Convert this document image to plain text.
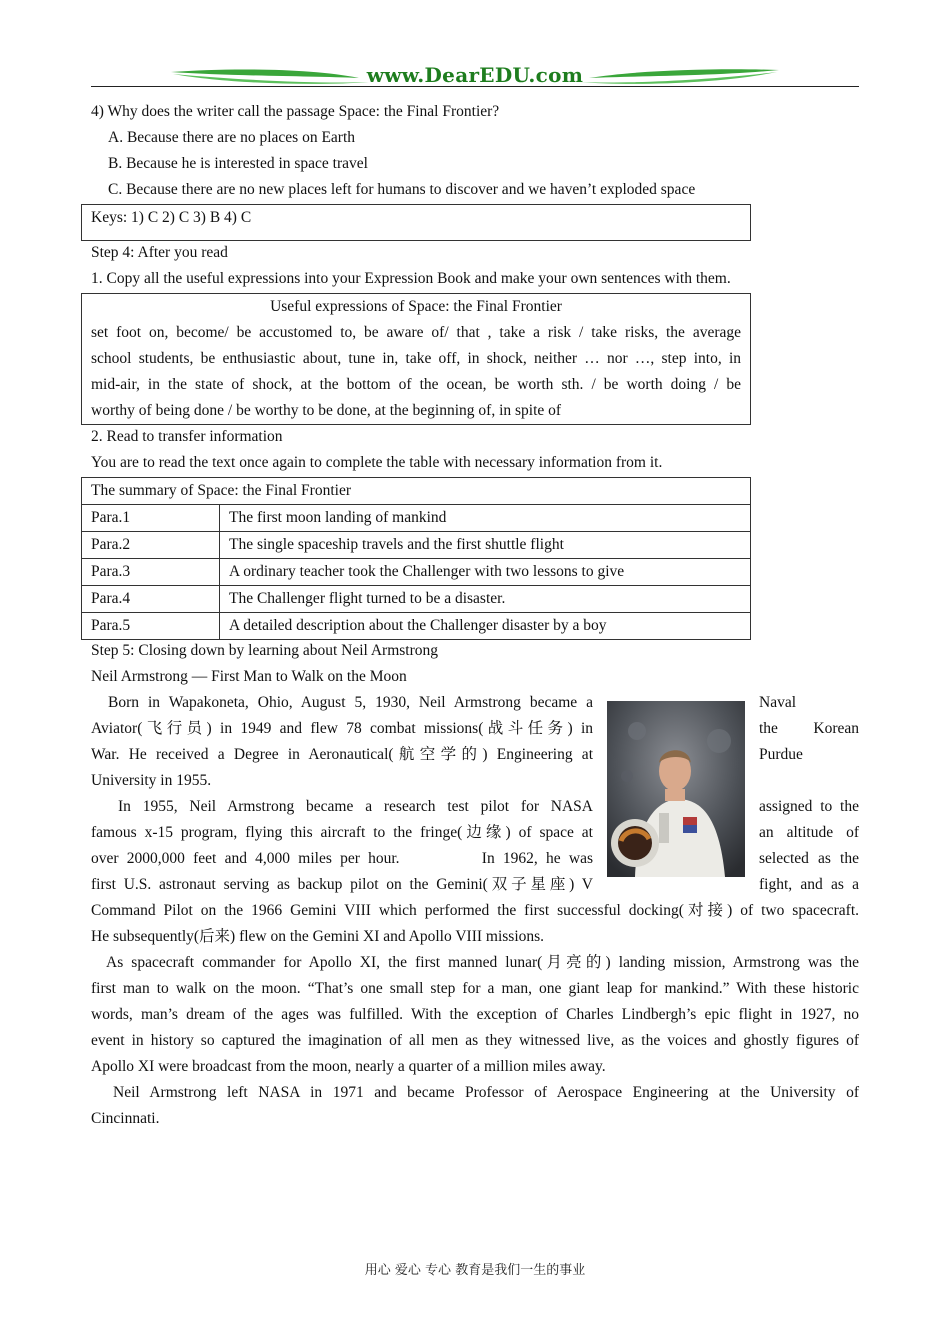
www.DearEDU.com
4) Why does the writer call the passage Space: the Final Frontier?
A. Because there are no places on Earth
B. Because he is interested in space travel
C. Because there are no new places left for humans to discover and we haven’t exploded space
Keys: 1) C 2) C 3) B 4) C
Step 4: After you read
1. Copy all the useful expressions into your Expression Book and make your own sentences with them.
Useful expressions of Space: the Final Frontier
set foot on, become/ be accustomed to, be aware of/ that , take a risk / take risks, the average
school students, be enthusiastic about, tune in, take off, in shock, neither … nor …, step into, in
mid-air, in the state of shock, at the bottom of the ocean, be worth sth. / be worth doing / be
worthy of being done / be worthy to be done, at the beginning of, in spite of
2. Read to transfer information
You are to read the text once again to complete the table with necessary information from it.
The summary of Space: the Final Frontier	
Para.1	The first moon landing of mankind
Para.2	The single spaceship travels and the first shuttle flight
Para.3	A ordinary teacher took the Challenger with two lessons to give
Para.4	The Challenger flight turned to be a disaster.
Para.5	A detailed description about the Challenger disaster by a boy
Step 5: Closing down by learning about Neil Armstrong
Neil Armstrong — First Man to Walk on the Moon
Born in Wapakoneta, Ohio, August 5, 1930, Neil Armstrong became a	Naval
Aviator(飞行员) in 1949 and flew 78 combat missions(战斗任务) in	the Korean
War. He received a Degree in Aeronautical(航空学的) Engineering at	Purdue
University in 1955.
In 1955, Neil Armstrong became a research test pilot for NASA	assigned to the
famous x-15 program, flying this aircraft to the fringe(边缘) of space at	an altitude of
over 2000,000 feet and 4,000 miles per hour.          In 1962, he was	selected as the
first U.S. astronaut serving as backup pilot on the Gemini(双子星座) V	fight, and as a
Command Pilot on the 1966 Gemini VIII which performed the first successful docking(对接) of two spacecraft.
He subsequently(后来) flew on the Gemini XI and Apollo VIII missions.
As spacecraft commander for Apollo XI, the first manned lunar(月亮的) landing mission, Armstrong was the
first man to walk on the moon. “That’s one small step for a man, one giant leap for mankind.” With these historic
words, man’s dream of the ages was fulfilled. With the exception of Charles Lindbergh’s epic flight in 1927, no
event in history so captured the imagination of all men as they witnessed live, as the voices and ghostly figures of
Apollo XI were broadcast from the moon, nearly a quarter of a million miles away.
Neil Armstrong left NASA in 1971 and became Professor of Aerospace Engineering at the University of
Cincinnati.
用心 爱心 专心 教育是我们一生的事业
